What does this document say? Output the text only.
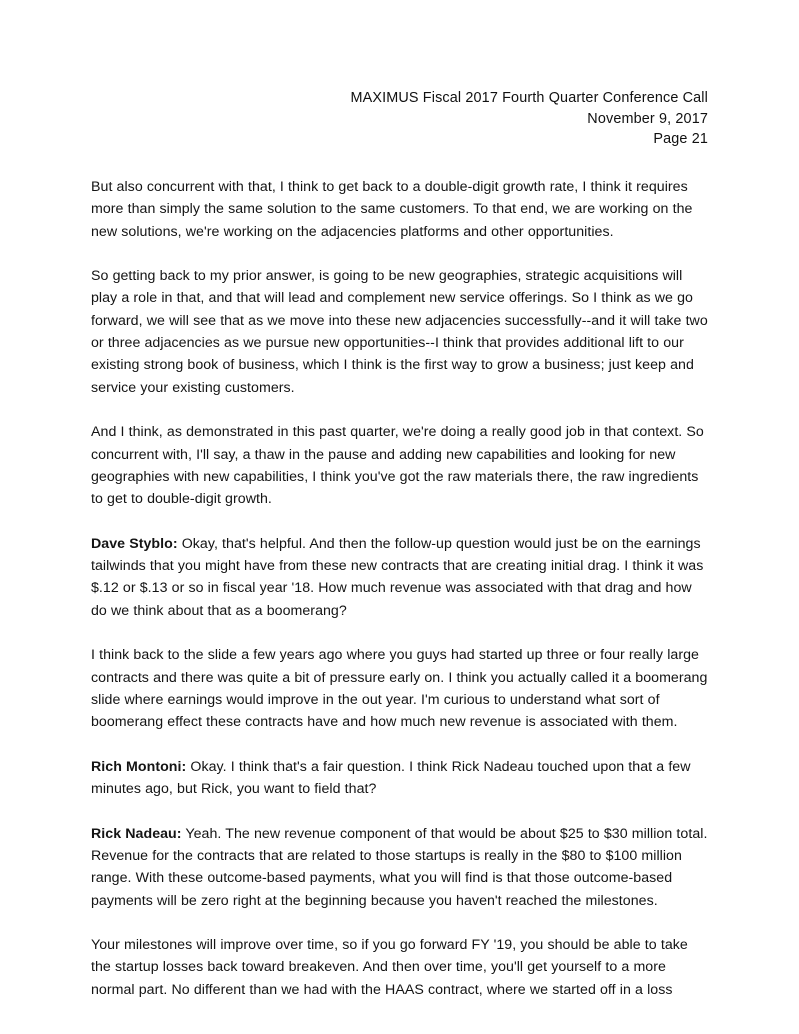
MAXIMUS Fiscal 2017 Fourth Quarter Conference Call
November 9, 2017
Page 21

But also concurrent with that, I think to get back to a double-digit growth rate, I think it requires more than simply the same solution to the same customers. To that end, we are working on the new solutions, we're working on the adjacencies platforms and other opportunities.

So getting back to my prior answer, is going to be new geographies, strategic acquisitions will play a role in that, and that will lead and complement new service offerings. So I think as we go forward, we will see that as we move into these new adjacencies successfully--and it will take two or three adjacencies as we pursue new opportunities--I think that provides additional lift to our existing strong book of business, which I think is the first way to grow a business; just keep and service your existing customers.

And I think, as demonstrated in this past quarter, we're doing a really good job in that context. So concurrent with, I'll say, a thaw in the pause and adding new capabilities and looking for new geographies with new capabilities, I think you've got the raw materials there, the raw ingredients to get to double-digit growth.

Dave Styblo: Okay, that's helpful. And then the follow-up question would just be on the earnings tailwinds that you might have from these new contracts that are creating initial drag. I think it was $.12 or $.13 or so in fiscal year '18. How much revenue was associated with that drag and how do we think about that as a boomerang?

I think back to the slide a few years ago where you guys had started up three or four really large contracts and there was quite a bit of pressure early on. I think you actually called it a boomerang slide where earnings would improve in the out year. I'm curious to understand what sort of boomerang effect these contracts have and how much new revenue is associated with them.

Rich Montoni: Okay. I think that's a fair question. I think Rick Nadeau touched upon that a few minutes ago, but Rick, you want to field that?

Rick Nadeau: Yeah. The new revenue component of that would be about $25 to $30 million total. Revenue for the contracts that are related to those startups is really in the $80 to $100 million range. With these outcome-based payments, what you will find is that those outcome-based payments will be zero right at the beginning because you haven't reached the milestones.

Your milestones will improve over time, so if you go forward FY '19, you should be able to take the startup losses back toward breakeven. And then over time, you'll get yourself to a more normal part. No different than we had with the HAAS contract, where we started off in a loss
